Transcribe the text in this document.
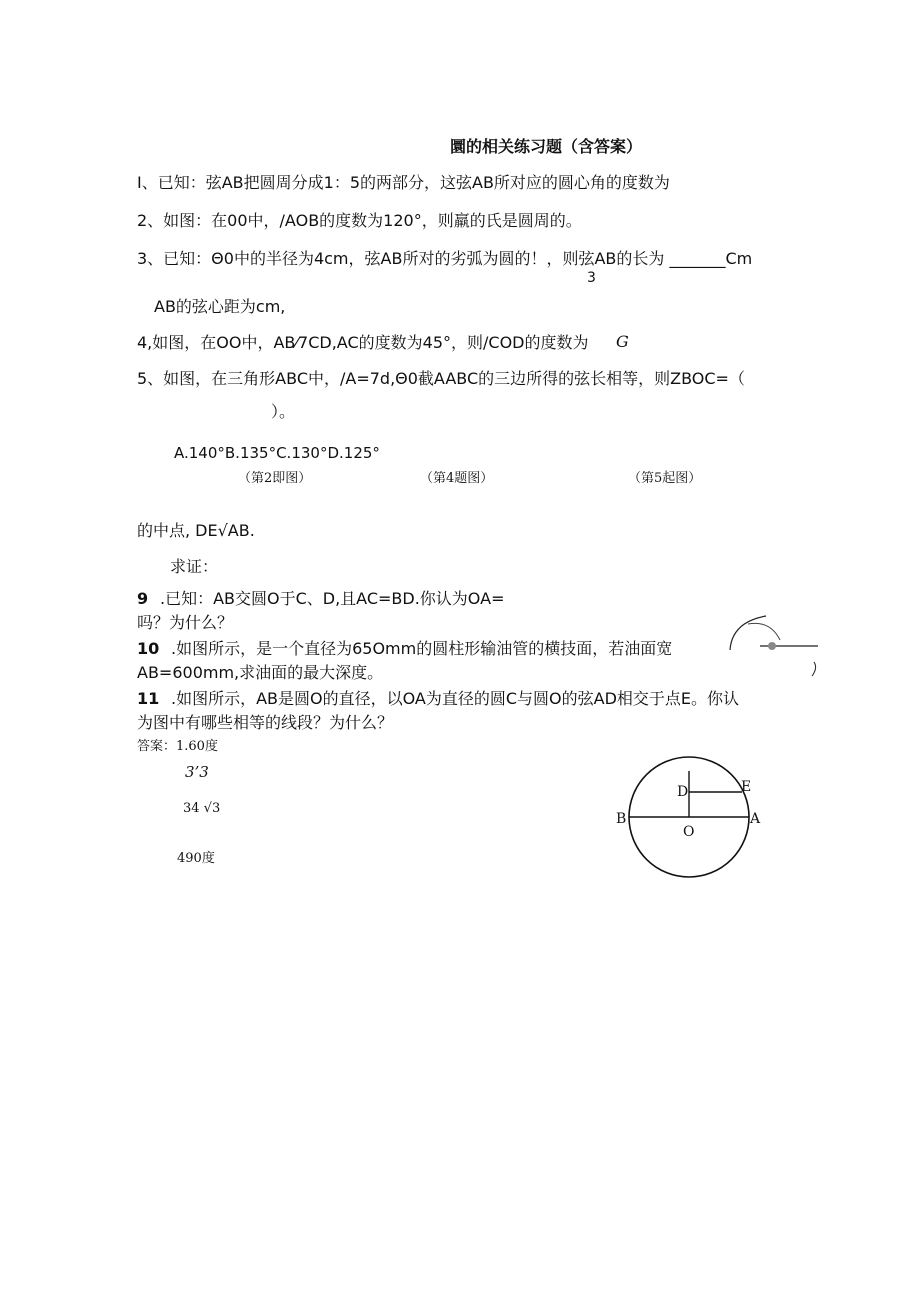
圜的相关练习题（含答案）
I、已知：弦AB把圆周分成1：5的两部分，这弦AB所对应的圆心角的度数为
2、如图：在00中，/AOB的度数为120°，则羸的氏是圆周的。
3、已知：Θ0中的半径为4cm，弦AB所对的劣弧为圆的！，则弦AB的长为 _______Cm
3
AB的弦心距为cm,
4,如图，在OO中，AB⁄7CD,AC的度数为45°，则/COD的度数为 G
5、如图，在三角形ABC中，/A=7d,Θ0截AABC的三边所得的弦长相等，则ZBOC=（
）。
A.140°B.135°C.130°D.125°
（第2即图）	（第4题图）	（第5起图）
的中点, DE√AB.
求证：
9 .已知：AB交圆O于C、D,且AC=BD.你认为OA=
吗？为什么？
10 .如图所示，是一个直径为65Omm的圆柱形输油管的横技面，若油面宽
AB=600mm,求油面的最大深度。
11 .如图所示，AB是圆O的直径，以OA为直径的圆C与圆O的弦AD相交于点E。你认
为图中有哪些相等的线段？为什么？
答案：1.60度
3’3
34 √3
490度
B
O
A
D	E
